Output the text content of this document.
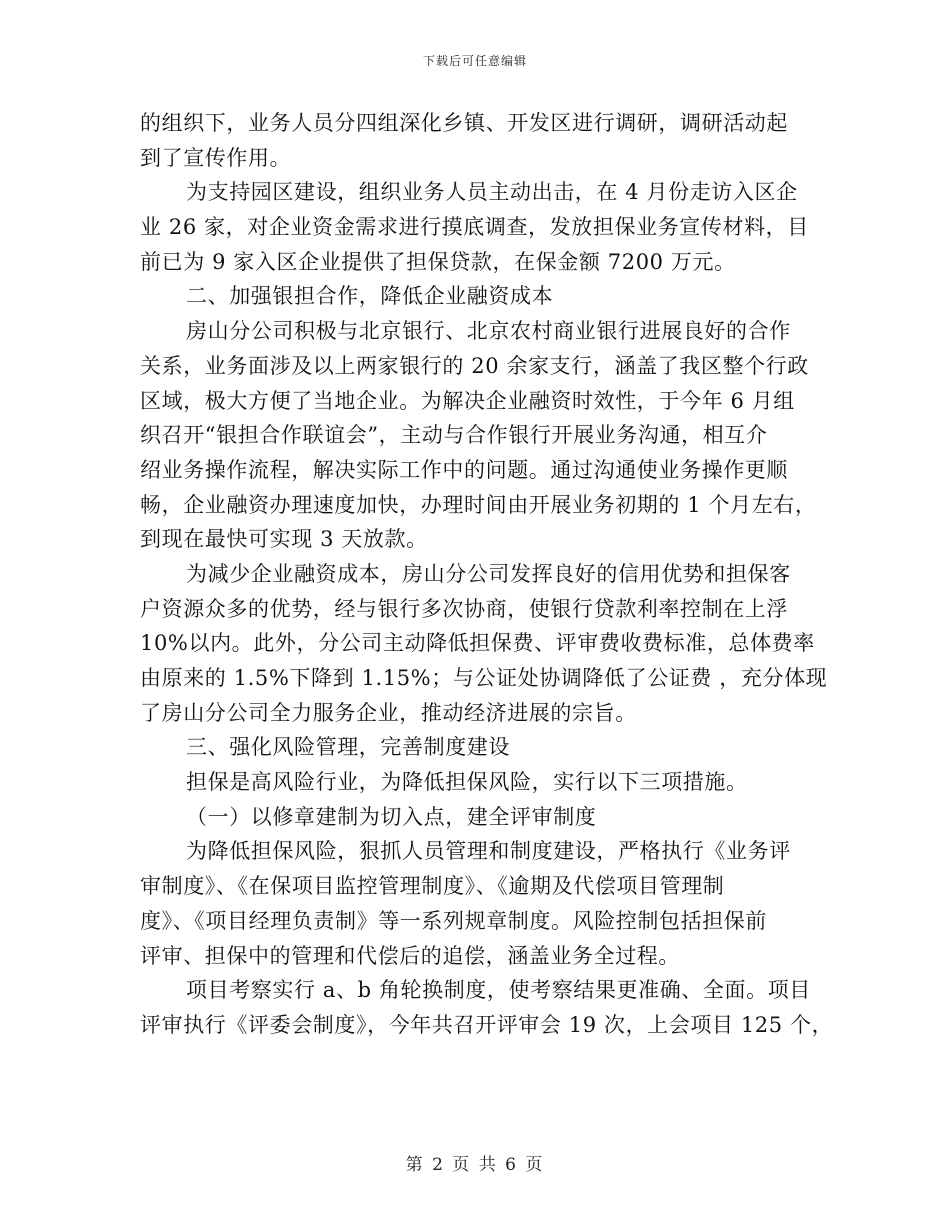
下载后可任意编辑
的组织下，业务人员分四组深化乡镇、开发区进行调研，调研活动起
到了宣传作用。
为支持园区建设，组织业务人员主动出击，在 4 月份走访入区企
业 26 家，对企业资金需求进行摸底调查，发放担保业务宣传材料，目
前已为 9 家入区企业提供了担保贷款，在保金额 7200 万元。
二、加强银担合作，降低企业融资成本
房山分公司积极与北京银行、北京农村商业银行进展良好的合作
关系，业务面涉及以上两家银行的 20 余家支行，涵盖了我区整个行政
区域，极大方便了当地企业。为解决企业融资时效性，于今年 6 月组
织召开“银担合作联谊会”，主动与合作银行开展业务沟通，相互介
绍业务操作流程，解决实际工作中的问题。通过沟通使业务操作更顺
畅，企业融资办理速度加快，办理时间由开展业务初期的 1 个月左右，
到现在最快可实现 3 天放款。
为减少企业融资成本，房山分公司发挥良好的信用优势和担保客
户资源众多的优势，经与银行多次协商，使银行贷款利率控制在上浮
10%以内。此外，分公司主动降低担保费、评审费收费标准，总体费率
由原来的 1.5%下降到 1.15%；与公证处协调降低了公证费 ，充分体现
了房山分公司全力服务企业，推动经济进展的宗旨。
三、强化风险管理，完善制度建设
担保是高风险行业，为降低担保风险，实行以下三项措施。
（一）以修章建制为切入点，建全评审制度
为降低担保风险，狠抓人员管理和制度建设，严格执行《业务评
审制度》、《在保项目监控管理制度》、《逾期及代偿项目管理制
度》、《项目经理负责制》等一系列规章制度。风险控制包括担保前
评审、担保中的管理和代偿后的追偿，涵盖业务全过程。
项目考察实行 a、b 角轮换制度，使考察结果更准确、全面。项目
评审执行《评委会制度》，今年共召开评审会 19 次，上会项目 125 个，
第 2 页 共 6 页
